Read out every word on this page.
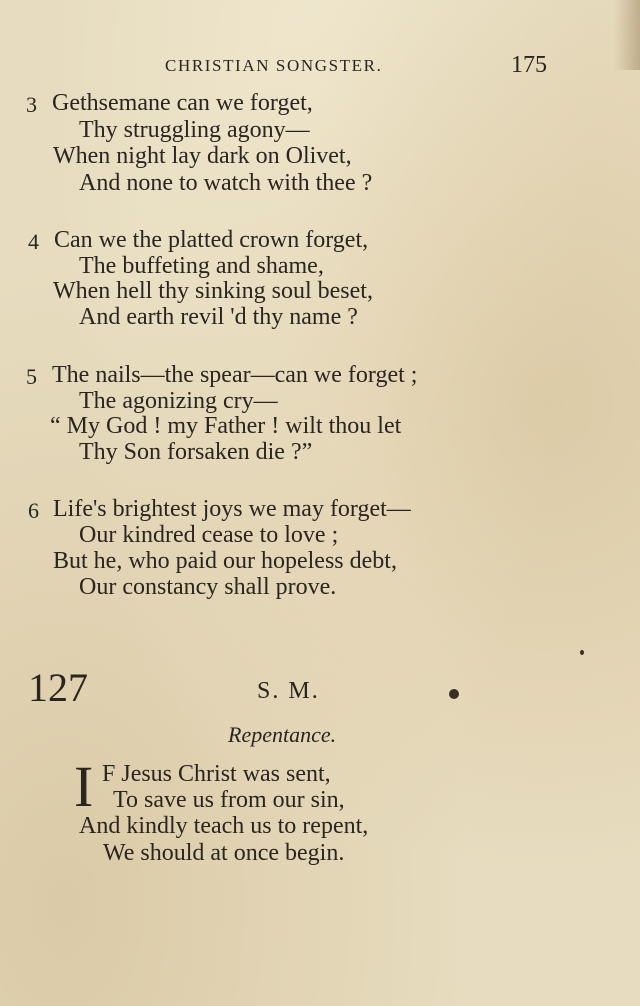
CHRISTIAN SONGSTER.	175
3 Gethsemane can we forget,
Thy struggling agony—
When night lay dark on Olivet,
And none to watch with thee ?
4 Can we the platted crown forget,
The buffeting and shame,
When hell thy sinking soul beset,
And earth revil 'd thy name ?
5 The nails—the spear—can we forget ;
The agonizing cry—
“ My God ! my Father ! wilt thou let
Thy Son forsaken die ?”
6 Life's brightest joys we may forget—
Our kindred cease to love ;
But he, who paid our hopeless debt,
Our constancy shall prove.
127	S. M.
Repentance.
I F Jesus Christ was sent,
To save us from our sin,
And kindly teach us to repent,
We should at once begin.
